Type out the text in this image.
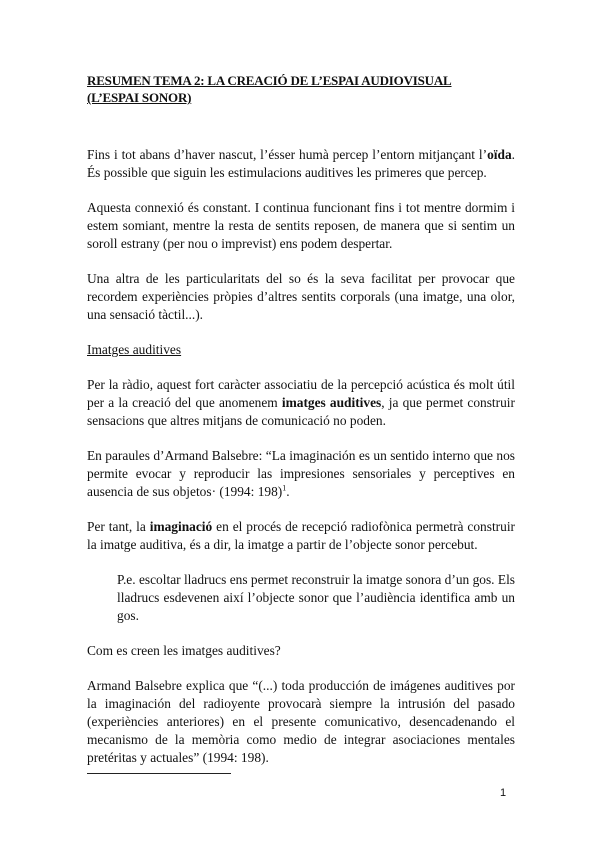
RESUMEN TEMA 2: LA CREACIÓ DE L’ESPAI AUDIOVISUAL
(L’ESPAI SONOR)

Fins i tot abans d’haver nascut, l’ésser humà percep l’entorn mitjançant l’oïda. És possible que siguin les estimulacions auditives les primeres que percep.

Aquesta connexió és constant. I continua funcionant fins i tot mentre dormim i estem somiant, mentre la resta de sentits reposen, de manera que si sentim un soroll estrany (per nou o imprevist) ens podem despertar.

Una altra de les particularitats del so és la seva facilitat per provocar que recordem experiències pròpies d’altres sentits corporals (una imatge, una olor, una sensació tàctil...).

Imatges auditives

Per la ràdio, aquest fort caràcter associatiu de la percepció acústica és molt útil per a la creació del que anomenem imatges auditives, ja que permet construir sensacions que altres mitjans de comunicació no poden.

En paraules d’Armand Balsebre: “La imaginación es un sentido interno que nos permite evocar y reproducir las impresiones sensoriales y perceptives en ausencia de sus objetos· (1994: 198)$^1$.

Per tant, la imaginació en el procés de recepció radiofònica permetrà construir la imatge auditiva, és a dir, la imatge a partir de l’objecte sonor percebut.

P.e. escoltar lladrucs ens permet reconstruir la imatge sonora d’un gos. Els lladrucs esdevenen així l’objecte sonor que l’audiència identifica amb un gos.

Com es creen les imatges auditives?

Armand Balsebre explica que “(...) toda producción de imágenes auditives por la imaginación del radioyente provocarà siempre la intrusión del pasado (experiències anteriores) en el presente comunicativo, desencadenando el mecanismo de la memòria como medio de integrar asociaciones mentales pretéritas y actuales” (1994: 198).

1
